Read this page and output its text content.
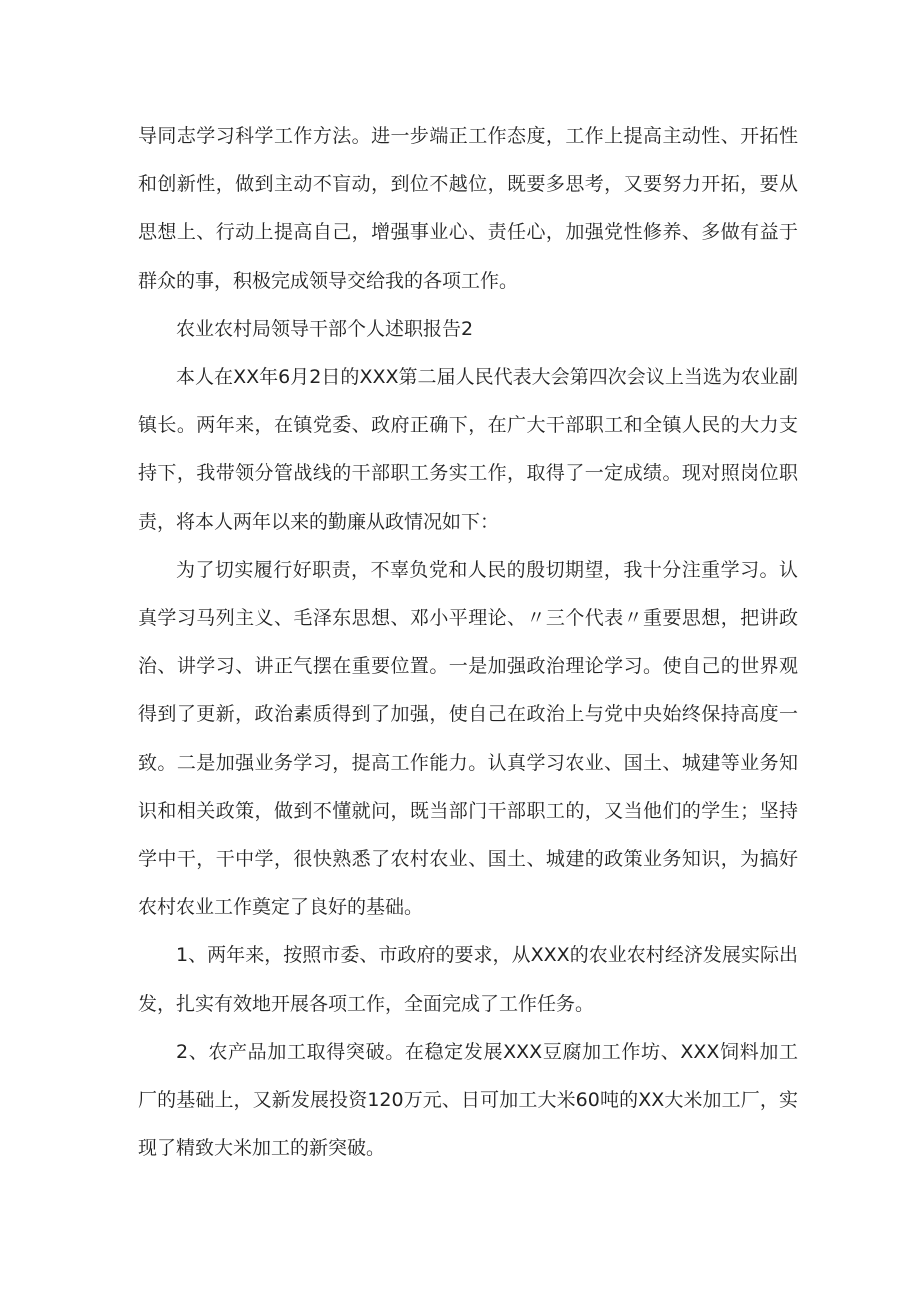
导同志学习科学工作方法。进一步端正工作态度，工作上提高主动性、开拓性和创新性，做到主动不盲动，到位不越位，既要多思考，又要努力开拓，要从思想上、行动上提高自己，增强事业心、责任心，加强党性修养、多做有益于群众的事，积极完成领导交给我的各项工作。

农业农村局领导干部个人述职报告2

本人在XX年6月2日的XXX第二届人民代表大会第四次会议上当选为农业副镇长。两年来，在镇党委、政府正确下，在广大干部职工和全镇人民的大力支持下，我带领分管战线的干部职工务实工作，取得了一定成绩。现对照岗位职责，将本人两年以来的勤廉从政情况如下：

为了切实履行好职责，不辜负党和人民的殷切期望，我十分注重学习。认真学习马列主义、毛泽东思想、邓小平理论、〃三个代表〃重要思想，把讲政治、讲学习、讲正气摆在重要位置。一是加强政治理论学习。使自己的世界观得到了更新，政治素质得到了加强，使自己在政治上与党中央始终保持高度一致。二是加强业务学习，提高工作能力。认真学习农业、国土、城建等业务知识和相关政策，做到不懂就问，既当部门干部职工的，又当他们的学生；坚持学中干，干中学，很快熟悉了农村农业、国土、城建的政策业务知识，为搞好农村农业工作奠定了良好的基础。

1、两年来，按照市委、市政府的要求，从XXX的农业农村经济发展实际出发，扎实有效地开展各项工作，全面完成了工作任务。

2、农产品加工取得突破。在稳定发展XXX豆腐加工作坊、XXX饲料加工厂的基础上，又新发展投资120万元、日可加工大米60吨的XX大米加工厂，实现了精致大米加工的新突破。
